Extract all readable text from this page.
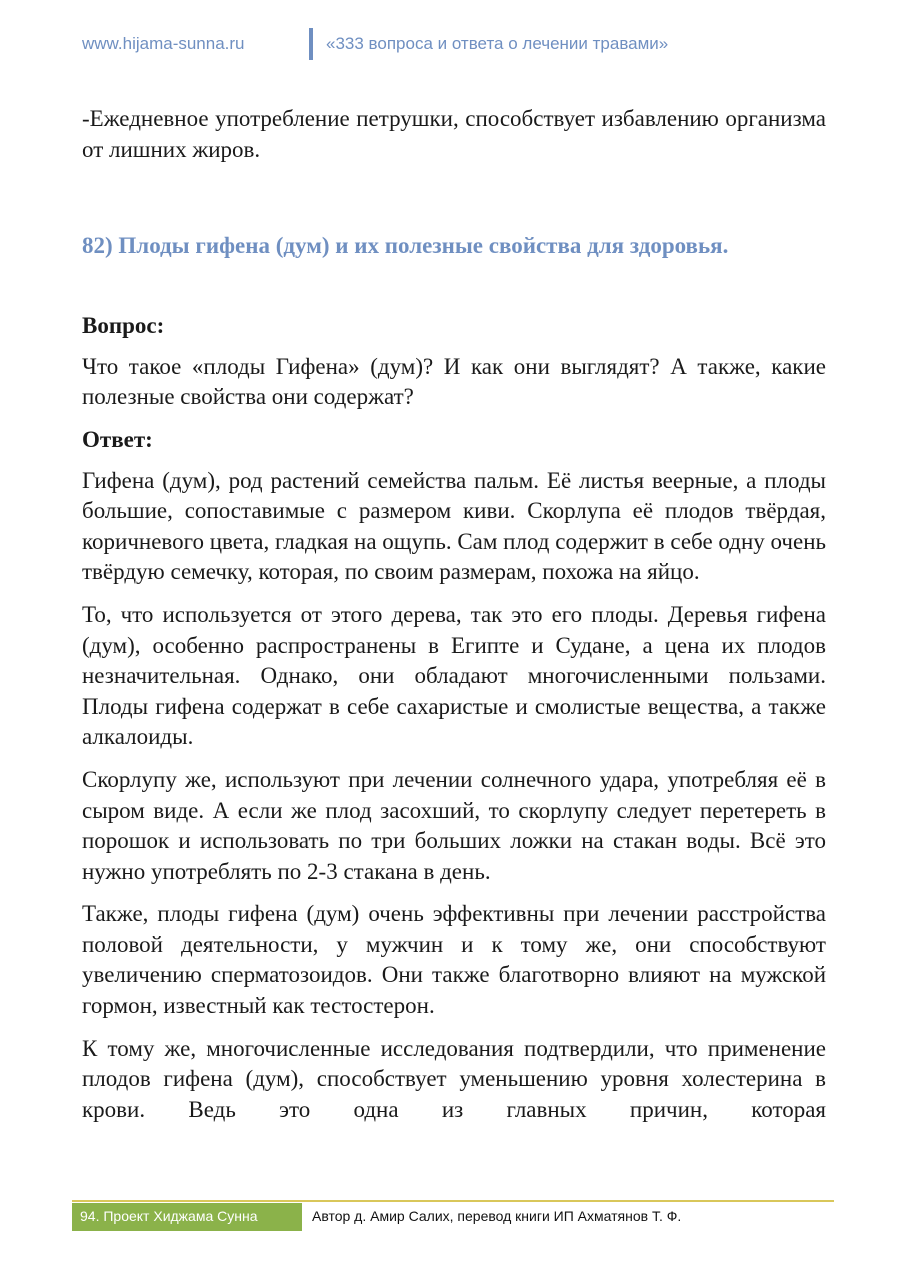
www.hijama-sunna.ru	«333 вопроса и ответа о лечении травами»

-Ежедневное употребление петрушки, способствует избавлению организма от лишних жиров.

82) Плоды гифена (дум) и их полезные свойства для здоровья.

Вопрос:

Что такое «плоды Гифена» (дум)? И как они выглядят? А также, какие полезные свойства они содержат?

Ответ:

Гифена (дум), род растений семейства пальм. Её листья веерные, а плоды большие, сопоставимые с размером киви. Скорлупа её плодов твёрдая, коричневого цвета, гладкая на ощупь. Сам плод содержит в себе одну очень твёрдую семечку, которая, по своим размерам, похожа на яйцо.

То, что используется от этого дерева, так это его плоды. Деревья гифена (дум), особенно распространены в Египте и Судане, а цена их плодов незначительная. Однако, они обладают многочисленными пользами. Плоды гифена содержат в себе сахаристые и смолистые вещества, а также алкалоиды.

Скорлупу же, используют при лечении солнечного удара, употребляя её в сыром виде. А если же плод засохший, то скорлупу следует перетереть в порошок и использовать по три больших ложки на стакан воды. Всё это нужно употреблять по 2-3 стакана в день.

Также, плоды гифена (дум) очень эффективны при лечении расстройства половой деятельности, у мужчин и к тому же, они способствуют увеличению сперматозоидов. Они также благотворно влияют на мужской гормон, известный как тестостерон.

К тому же, многочисленные исследования подтвердили, что применение плодов гифена (дум), способствует уменьшению уровня холестерина в крови. Ведь это одна из главных причин, которая

94. Проект Хиджама Сунна	Автор д. Амир Салих, перевод книги ИП Ахматянов Т. Ф.
